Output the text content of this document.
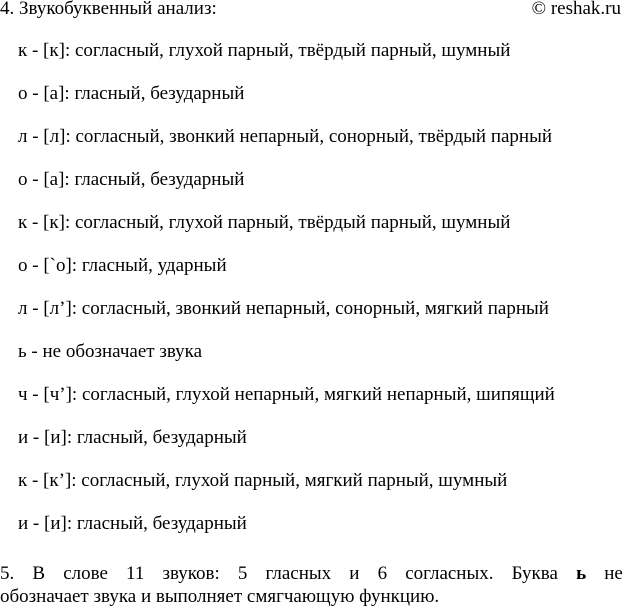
4. Звукобуквенный анализ:	© reshak.ru
к - [к]: согласный, глухой парный, твёрдый парный, шумный
о - [а]: гласный, безударный
л - [л]: согласный, звонкий непарный, сонорный, твёрдый парный
о - [а]: гласный, безударный
к - [к]: согласный, глухой парный, твёрдый парный, шумный
о - [`о]: гласный, ударный
л - [л’]: согласный, звонкий непарный, сонорный, мягкий парный
ь - не обозначает звука
ч - [ч’]: согласный, глухой непарный, мягкий непарный, шипящий
и - [и]: гласный, безударный
к - [к’]: согласный, глухой парный, мягкий парный, шумный
и - [и]: гласный, безударный
5. В слове 11 звуков: 5 гласных и 6 согласных. Буква ь не
обозначает звука и выполняет смягчающую функцию.
